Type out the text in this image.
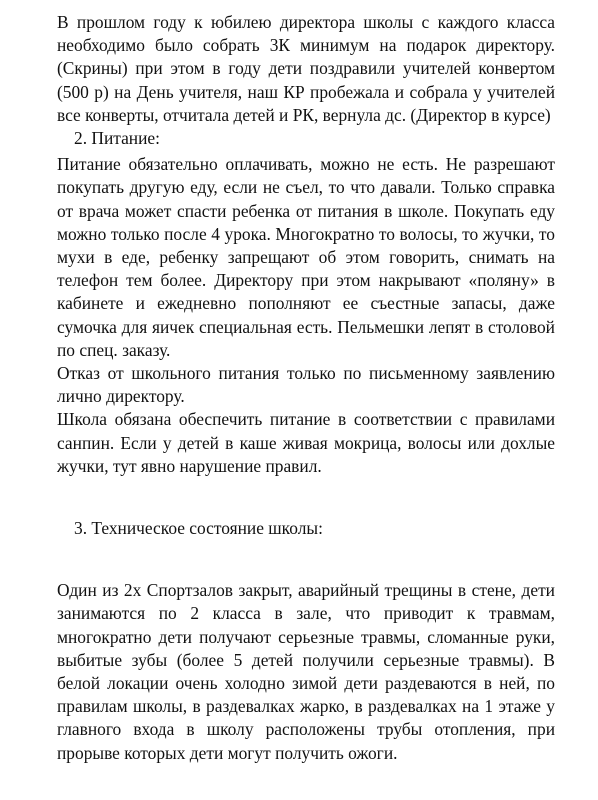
В прошлом году к юбилею директора школы с каждого класса необходимо было собрать 3К минимум на подарок директору. (Скрины) при этом в году дети поздравили учителей конвертом (500 р) на День учителя, наш КР пробежала и собрала у учителей все конверты, отчитала детей и РК, вернула дс. (Директор в курсе)

2. Питание:

Питание обязательно оплачивать, можно не есть. Не разрешают покупать другую еду, если не съел, то что давали. Только справка от врача может спасти ребенка от питания в школе. Покупать еду можно только после 4 урока. Многократно то волосы, то жучки, то мухи в еде, ребенку запрещают об этом говорить, снимать на телефон тем более. Директору при этом накрывают «поляну» в кабинете и ежедневно пополняют ее съестные запасы, даже сумочка для яичек специальная есть. Пельмешки лепят в столовой по спец. заказу.

Отказ от школьного питания только по письменному заявлению лично директору.

Школа обязана обеспечить питание в соответствии с правилами санпин. Если у детей в каше живая мокрица, волосы или дохлые жучки, тут явно нарушение правил.

3. Техническое состояние школы:

Один из 2х Спортзалов закрыт, аварийный трещины в стене, дети занимаются по 2 класса в зале, что приводит к травмам, многократно дети получают серьезные травмы, сломанные руки, выбитые зубы (более 5 детей получили серьезные травмы). В белой локации очень холодно зимой дети раздеваются в ней, по правилам школы, в раздевалках жарко, в раздевалках на 1 этаже у главного входа в школу расположены трубы отопления, при прорыве которых дети могут получить ожоги.
